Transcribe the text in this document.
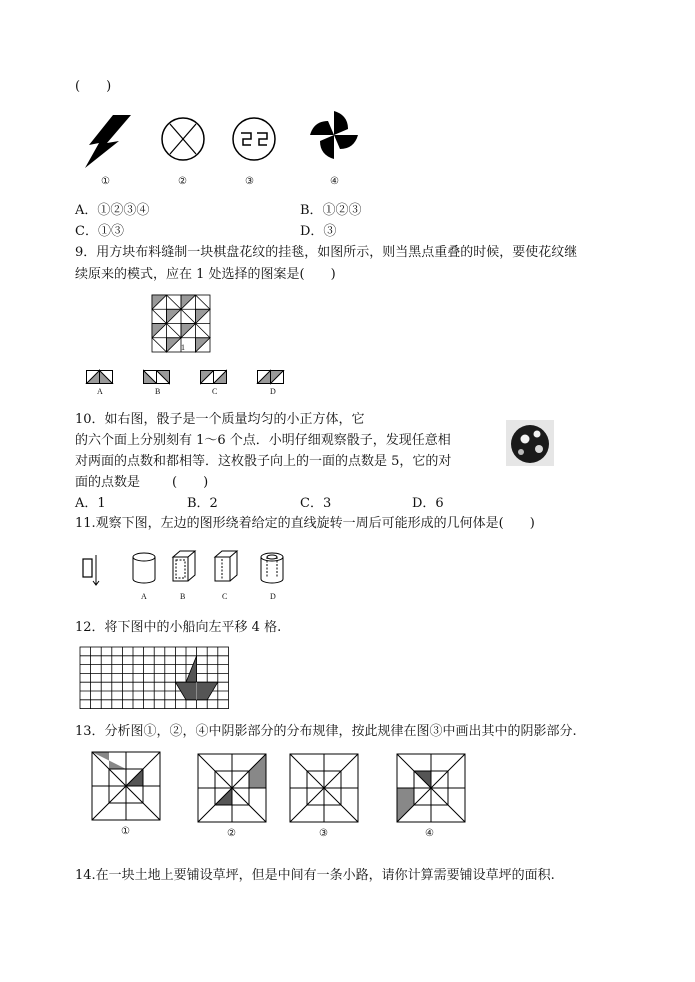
(　　)
①	②	③	④
A．①②③④	B．①②③
C．①③	D．③
9．用方块布料缝制一块棋盘花纹的挂毯，如图所示，则当黑点重叠的时候，要使花纹继
续原来的模式，应在 1 处选择的图案是(　　)
1
A	B	C	D
10．如右图，骰子是一个质量均匀的小正方体，它
的六个面上分别刻有 1～6 个点．小明仔细观察骰子，发现任意相
对两面的点数和都相等．这枚骰子向上的一面的点数是 5，它的对
面的点数是 (　　)
A．1	B．2	C．3	D．6
11.观察下图，左边的图形绕着给定的直线旋转一周后可能形成的几何体是(　　)
A	B	C	D
12．将下图中的小船向左平移 4 格.
13．分析图①，②，④中阴影部分的分布规律，按此规律在图③中画出其中的阴影部分.
①	②	③	④
14.在一块土地上要铺设草坪，但是中间有一条小路，请你计算需要铺设草坪的面积.
